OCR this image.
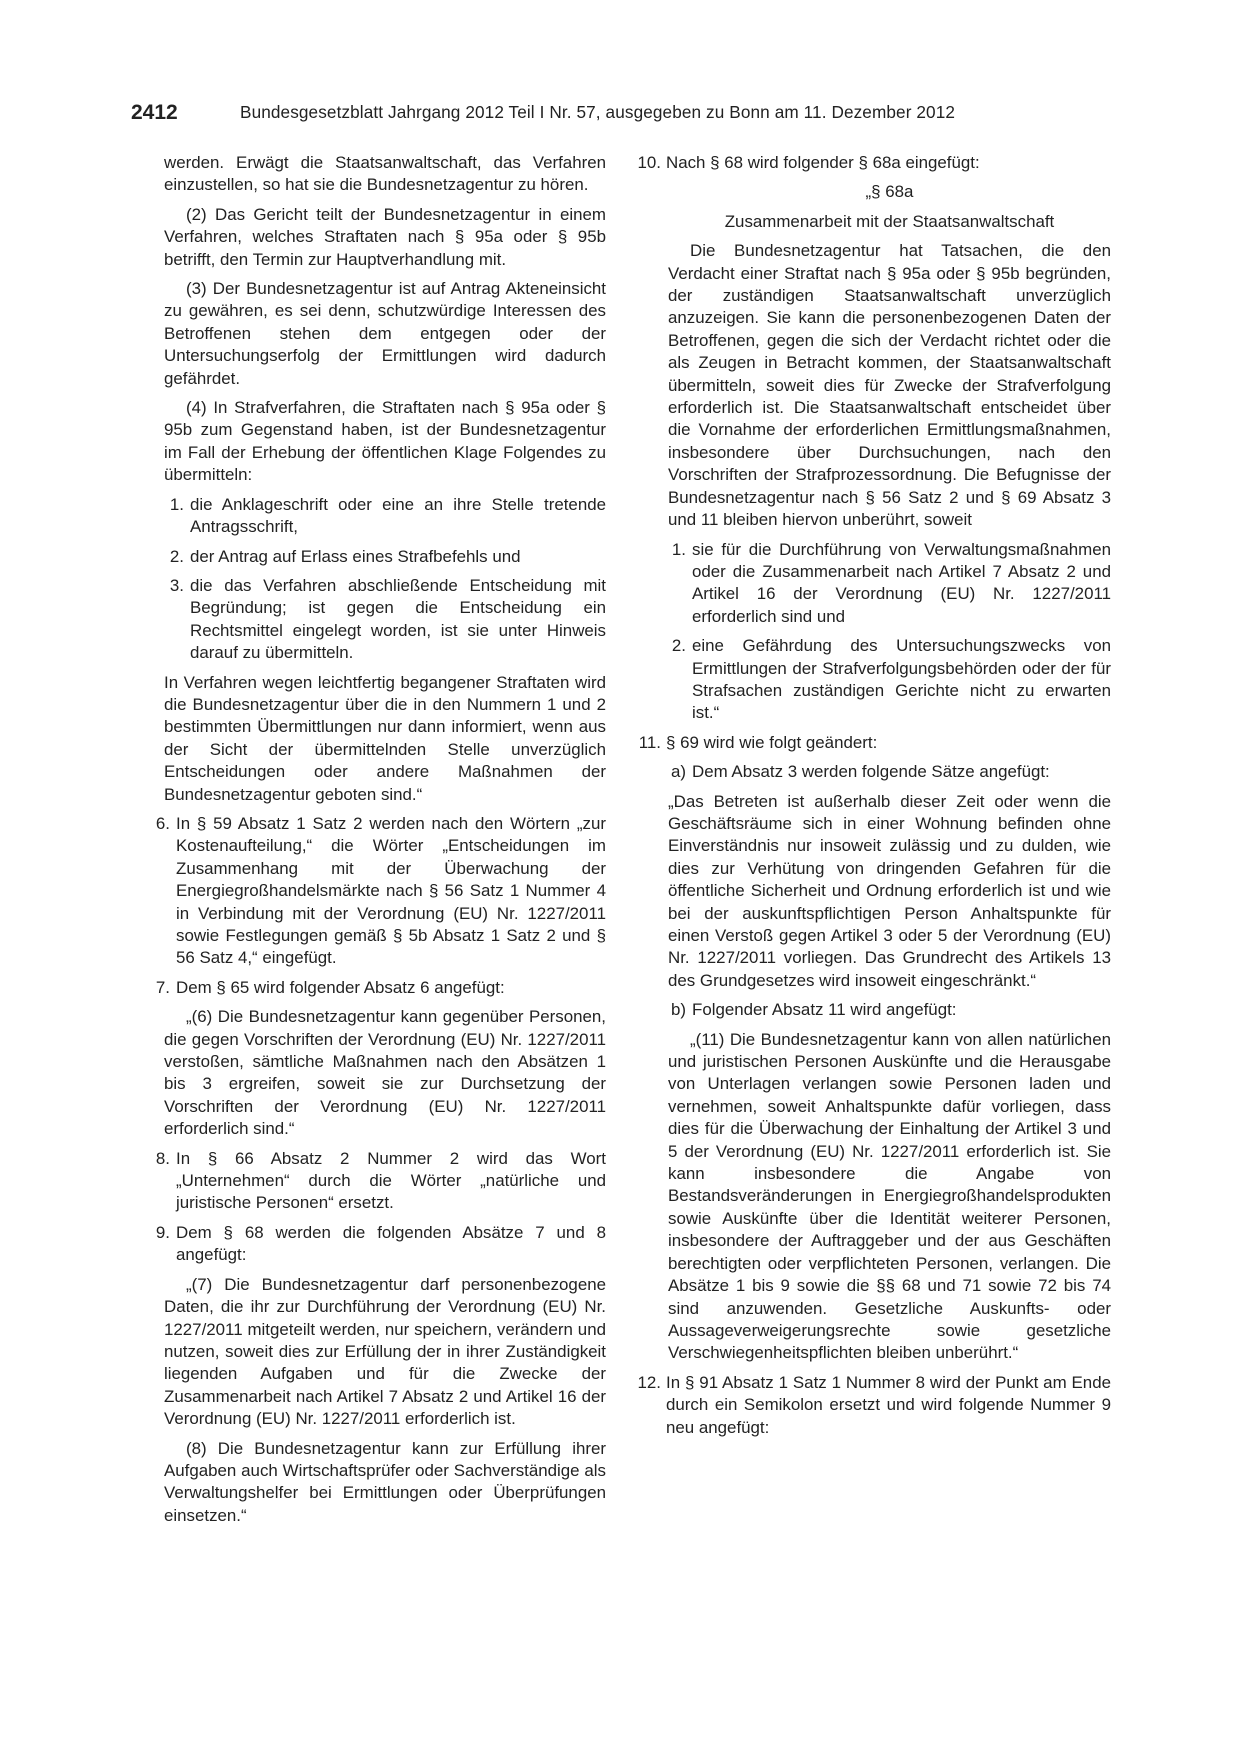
2412	Bundesgesetzblatt Jahrgang 2012 Teil I Nr. 57, ausgegeben zu Bonn am 11. Dezember 2012

werden. Erwägt die Staatsanwaltschaft, das Verfahren einzustellen, so hat sie die Bundesnetzagentur zu hören.

(2) Das Gericht teilt der Bundesnetzagentur in einem Verfahren, welches Straftaten nach § 95a oder § 95b betrifft, den Termin zur Hauptverhandlung mit.

(3) Der Bundesnetzagentur ist auf Antrag Akteneinsicht zu gewähren, es sei denn, schutzwürdige Interessen des Betroffenen stehen dem entgegen oder der Untersuchungserfolg der Ermittlungen wird dadurch gefährdet.

(4) In Strafverfahren, die Straftaten nach § 95a oder § 95b zum Gegenstand haben, ist der Bundesnetzagentur im Fall der Erhebung der öffentlichen Klage Folgendes zu übermitteln:

1. die Anklageschrift oder eine an ihre Stelle tretende Antragsschrift,
2. der Antrag auf Erlass eines Strafbefehls und
3. die das Verfahren abschließende Entscheidung mit Begründung; ist gegen die Entscheidung ein Rechtsmittel eingelegt worden, ist sie unter Hinweis darauf zu übermitteln.

In Verfahren wegen leichtfertig begangener Straftaten wird die Bundesnetzagentur über die in den Nummern 1 und 2 bestimmten Übermittlungen nur dann informiert, wenn aus der Sicht der übermittelnden Stelle unverzüglich Entscheidungen oder andere Maßnahmen der Bundesnetzagentur geboten sind.“

6. In § 59 Absatz 1 Satz 2 werden nach den Wörtern „zur Kostenaufteilung,“ die Wörter „Entscheidungen im Zusammenhang mit der Überwachung der Energiegroßhandelsmärkte nach § 56 Satz 1 Nummer 4 in Verbindung mit der Verordnung (EU) Nr. 1227/2011 sowie Festlegungen gemäß § 5b Absatz 1 Satz 2 und § 56 Satz 4,“ eingefügt.
7. Dem § 65 wird folgender Absatz 6 angefügt:

„(6) Die Bundesnetzagentur kann gegenüber Personen, die gegen Vorschriften der Verordnung (EU) Nr. 1227/2011 verstoßen, sämtliche Maßnahmen nach den Absätzen 1 bis 3 ergreifen, soweit sie zur Durchsetzung der Vorschriften der Verordnung (EU) Nr. 1227/2011 erforderlich sind.“

8. In § 66 Absatz 2 Nummer 2 wird das Wort „Unternehmen“ durch die Wörter „natürliche und juristische Personen“ ersetzt.
9. Dem § 68 werden die folgenden Absätze 7 und 8 angefügt:

„(7) Die Bundesnetzagentur darf personenbezogene Daten, die ihr zur Durchführung der Verordnung (EU) Nr. 1227/2011 mitgeteilt werden, nur speichern, verändern und nutzen, soweit dies zur Erfüllung der in ihrer Zuständigkeit liegenden Aufgaben und für die Zwecke der Zusammenarbeit nach Artikel 7 Absatz 2 und Artikel 16 der Verordnung (EU) Nr. 1227/2011 erforderlich ist.

(8) Die Bundesnetzagentur kann zur Erfüllung ihrer Aufgaben auch Wirtschaftsprüfer oder Sachverständige als Verwaltungshelfer bei Ermittlungen oder Überprüfungen einsetzen.“

10. Nach § 68 wird folgender § 68a eingefügt:

„§ 68a

Zusammenarbeit mit der Staatsanwaltschaft

Die Bundesnetzagentur hat Tatsachen, die den Verdacht einer Straftat nach § 95a oder § 95b begründen, der zuständigen Staatsanwaltschaft unverzüglich anzuzeigen. Sie kann die personenbezogenen Daten der Betroffenen, gegen die sich der Verdacht richtet oder die als Zeugen in Betracht kommen, der Staatsanwaltschaft übermitteln, soweit dies für Zwecke der Strafverfolgung erforderlich ist. Die Staatsanwaltschaft entscheidet über die Vornahme der erforderlichen Ermittlungsmaßnahmen, insbesondere über Durchsuchungen, nach den Vorschriften der Strafprozessordnung. Die Befugnisse der Bundesnetzagentur nach § 56 Satz 2 und § 69 Absatz 3 und 11 bleiben hiervon unberührt, soweit

1. sie für die Durchführung von Verwaltungsmaßnahmen oder die Zusammenarbeit nach Artikel 7 Absatz 2 und Artikel 16 der Verordnung (EU) Nr. 1227/2011 erforderlich sind und
2. eine Gefährdung des Untersuchungszwecks von Ermittlungen der Strafverfolgungsbehörden oder der für Strafsachen zuständigen Gerichte nicht zu erwarten ist.“
11. § 69 wird wie folgt geändert:
a) Dem Absatz 3 werden folgende Sätze angefügt:

„Das Betreten ist außerhalb dieser Zeit oder wenn die Geschäftsräume sich in einer Wohnung befinden ohne Einverständnis nur insoweit zulässig und zu dulden, wie dies zur Verhütung von dringenden Gefahren für die öffentliche Sicherheit und Ordnung erforderlich ist und wie bei der auskunftspflichtigen Person Anhaltspunkte für einen Verstoß gegen Artikel 3 oder 5 der Verordnung (EU) Nr. 1227/2011 vorliegen. Das Grundrecht des Artikels 13 des Grundgesetzes wird insoweit eingeschränkt.“

b) Folgender Absatz 11 wird angefügt:

„(11) Die Bundesnetzagentur kann von allen natürlichen und juristischen Personen Auskünfte und die Herausgabe von Unterlagen verlangen sowie Personen laden und vernehmen, soweit Anhaltspunkte dafür vorliegen, dass dies für die Überwachung der Einhaltung der Artikel 3 und 5 der Verordnung (EU) Nr. 1227/2011 erforderlich ist. Sie kann insbesondere die Angabe von Bestandsveränderungen in Energiegroßhandelsprodukten sowie Auskünfte über die Identität weiterer Personen, insbesondere der Auftraggeber und der aus Geschäften berechtigten oder verpflichteten Personen, verlangen. Die Absätze 1 bis 9 sowie die §§ 68 und 71 sowie 72 bis 74 sind anzuwenden. Gesetzliche Auskunfts- oder Aussageverweigerungsrechte sowie gesetzliche Verschwiegenheitspflichten bleiben unberührt.“

12. In § 91 Absatz 1 Satz 1 Nummer 8 wird der Punkt am Ende durch ein Semikolon ersetzt und wird folgende Nummer 9 neu angefügt:
